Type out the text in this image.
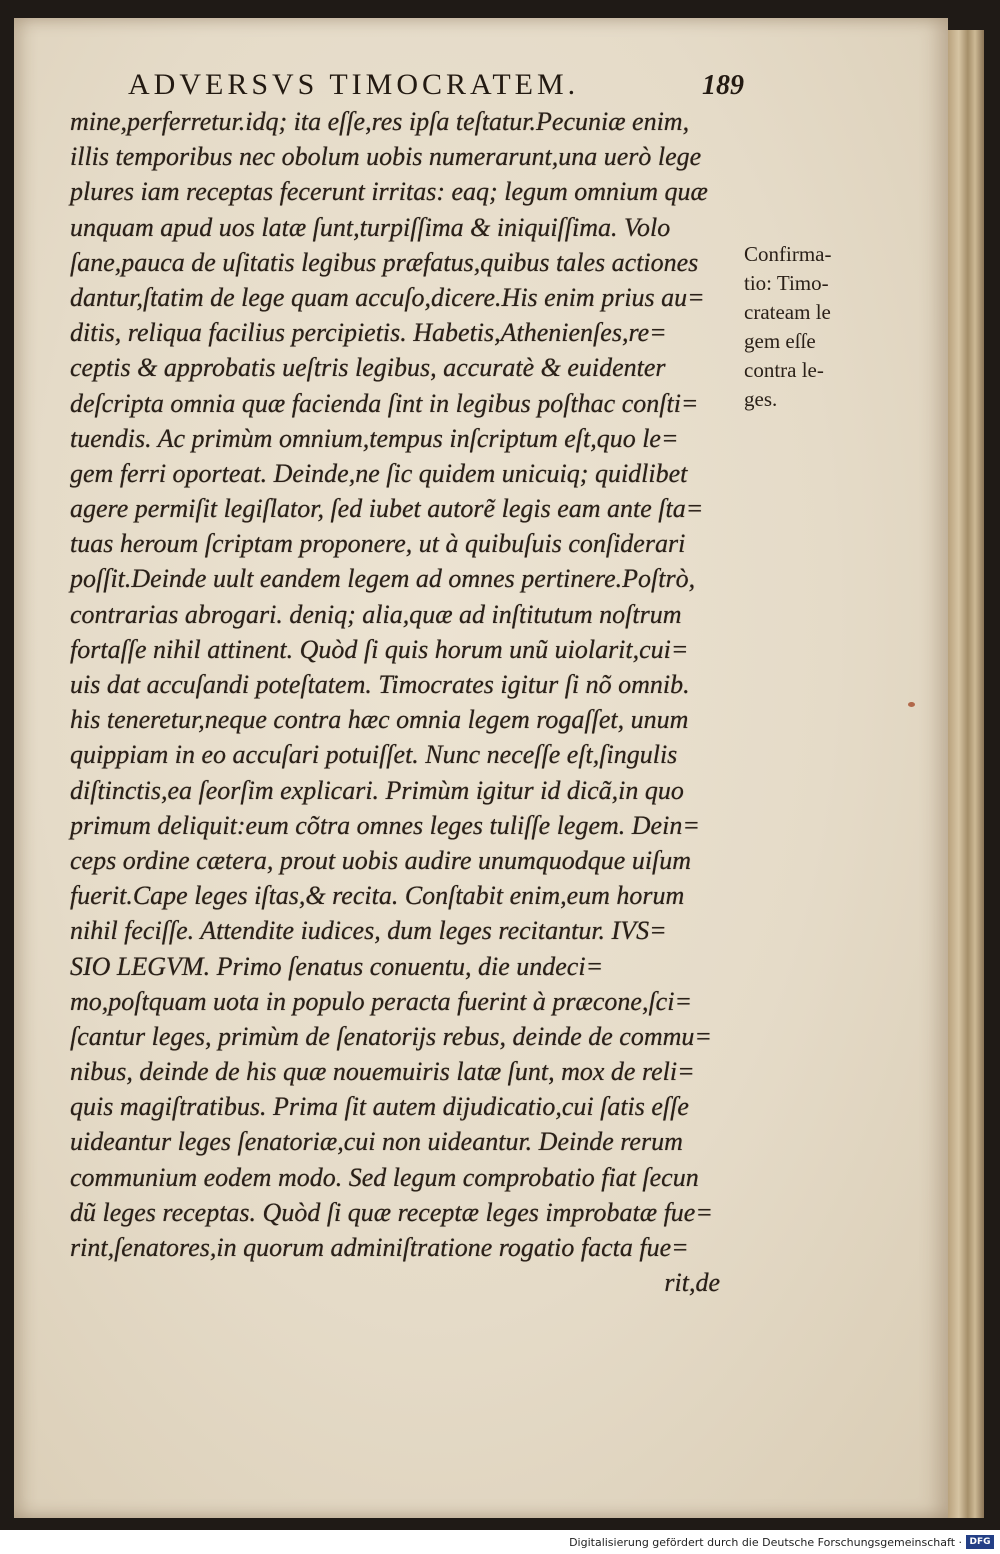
ADVERSVS TIMOCRATEM.	189
mine,perferretur.idq; ita eſſe,res ipſa teſtatur.Pecuniæ enim,
illis temporibus nec obolum uobis numerarunt,una uerò lege
plures iam receptas fecerunt irritas: eaq; legum omnium quæ
unquam apud uos latæ ſunt,turpiſſima & iniquiſſima. Volo
ſane,pauca de uſitatis legibus præfatus,quibus tales actiones
dantur,ſtatim de lege quam accuſo,dicere.His enim prius au=
ditis, reliqua facilius percipietis. Habetis,Athenienſes,re=
ceptis & approbatis ueſtris legibus, accuratè & euidenter
deſcripta omnia quæ facienda ſint in legibus poſthac conſti=
tuendis. Ac primùm omnium,tempus inſcriptum eſt,quo le=
gem ferri oporteat. Deinde,ne ſic quidem unicuiq; quidlibet
agere permiſit legiſlator, ſed iubet autorẽ legis eam ante ſta=
tuas heroum ſcriptam proponere, ut à quibuſuis conſiderari
poſſit.Deinde uult eandem legem ad omnes pertinere.Poſtrò,
contrarias abrogari. deniq; alia,quæ ad inſtitutum noſtrum
fortaſſe nihil attinent. Quòd ſi quis horum unũ uiolarit,cui=
uis dat accuſandi poteſtatem. Timocrates igitur ſi nõ omnib.
his teneretur,neque contra hæc omnia legem rogaſſet, unum
quippiam in eo accuſari potuiſſet. Nunc neceſſe eſt,ſingulis
diſtinctis,ea ſeorſim explicari. Primùm igitur id dicã,in quo
primum deliquit:eum cõtra omnes leges tuliſſe legem. Dein=
ceps ordine cætera, prout uobis audire unumquodque uiſum
fuerit.Cape leges iſtas,& recita. Conſtabit enim,eum horum
nihil feciſſe. Attendite iudices, dum leges recitantur. IVS=
SIO LEGVM. Primo ſenatus conuentu, die undeci=
mo,poſtquam uota in populo peracta fuerint à præcone,ſci=
ſcantur leges, primùm de ſenatorijs rebus, deinde de commu=
nibus, deinde de his quæ nouemuiris latæ ſunt, mox de reli=
quis magiſtratibus. Prima ſit autem dijudicatio,cui ſatis eſſe
uideantur leges ſenatoriæ,cui non uideantur. Deinde rerum
communium eodem modo. Sed legum comprobatio fiat ſecun
dũ leges receptas. Quòd ſi quæ receptæ leges improbatæ fue=
rint,ſenatores,in quorum adminiſtratione rogatio facta fue=
rit,de
Confirma-
tio: Timo-
crateam le
gem eſſe
contra le-
ges.
Digitalisierung gefördert durch die Deutsche Forschungsgemeinschaft · DFG
